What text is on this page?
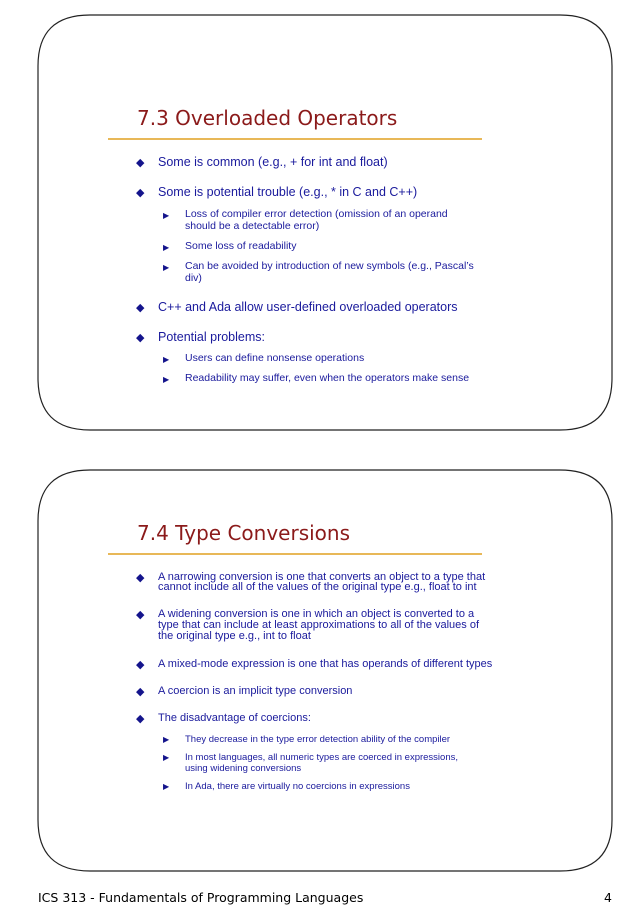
7.3 Overloaded Operators
◆ Some is common (e.g., + for int and float)

◆ Some is potential trouble (e.g., * in C and C++)

▶ Loss of compiler error detection (omission of an operand

should be a detectable error)

▶ Some loss of readability

▶ Can be avoided by introduction of new symbols (e.g., Pascal’s

div)

◆ C++ and Ada allow user-defined overloaded operators

◆ Potential problems:

▶ Users can define nonsense operations

▶ Readability may suffer, even when the operators make sense

7.4 Type Conversions
◆ A narrowing conversion is one that converts an object to a type that

cannot include all of the values of the original type e.g., float to int

◆ A widening conversion is one in which an object is converted to a

type that can include at least approximations to all of the values of

the original type e.g., int to float

◆ A mixed-mode expression is one that has operands of different types

◆ A coercion is an implicit type conversion

◆ The disadvantage of coercions:

▶ They decrease in the type error detection ability of the compiler

▶ In most languages, all numeric types are coerced in expressions,

using widening conversions

▶ In Ada, there are virtually no coercions in expressions

ICS 313 - Fundamentals of Programming Languages	4
